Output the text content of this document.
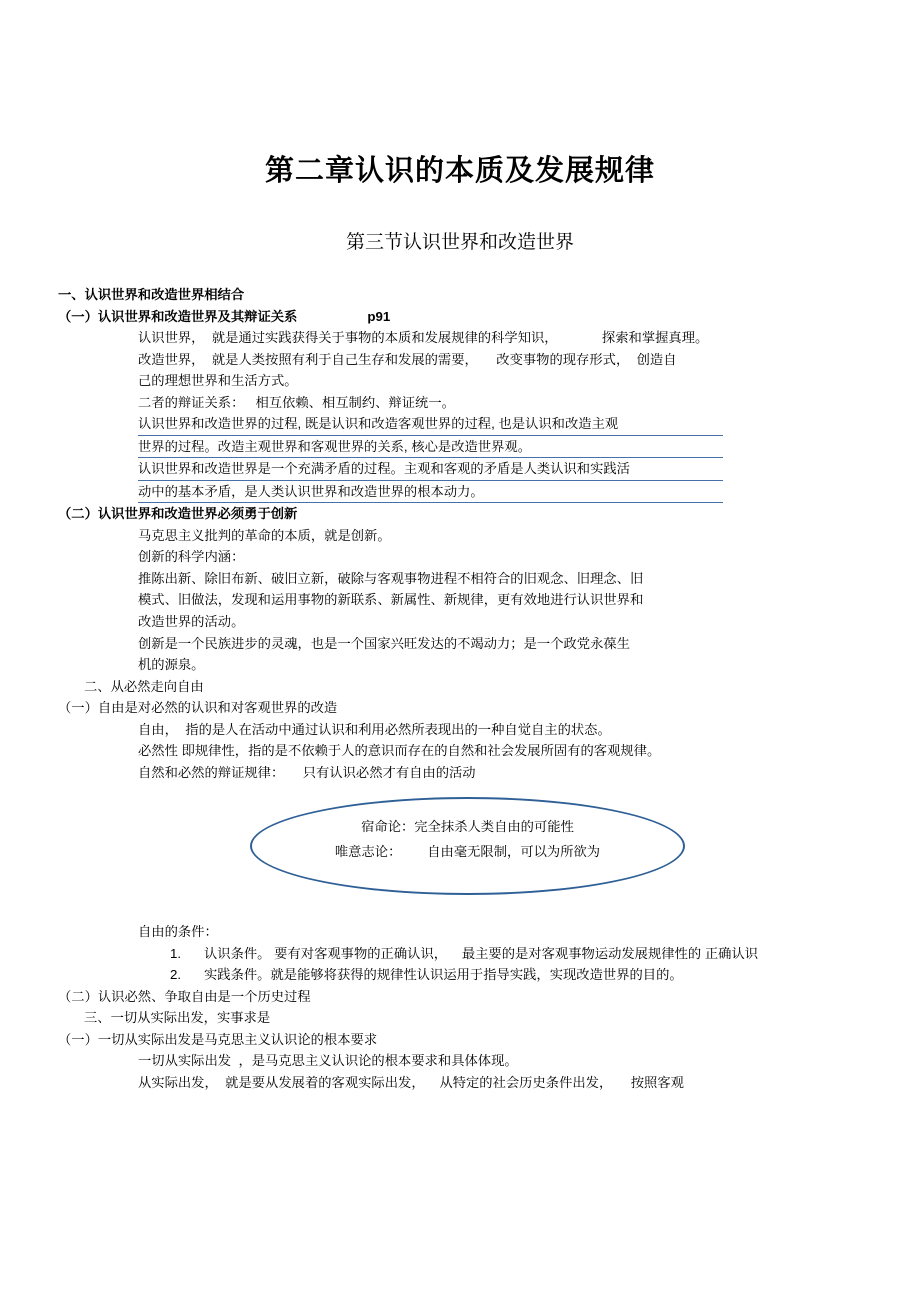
第二章认识的本质及发展规律
第三节认识世界和改造世界
一、认识世界和改造世界相结合
（一） 认识世界和改造世界及其辩证关系	p91
认识世界，  就是通过实践获得关于事物的本质和发展规律的科学知识，            探索和掌握真理。
改造世界，  就是人类按照有利于自己生存和发展的需要，     改变事物的现存形式，  创造自
己的理想世界和生活方式。
二者的辩证关系：   相互依赖、相互制约、辩证统一。
认识世界和改造世界的过程, 既是认识和改造客观世界的过程, 也是认识和改造主观
世界的过程。改造主观世界和客观世界的关系, 核心是改造世界观。
认识世界和改造世界是一个充满矛盾的过程。主观和客观的矛盾是人类认识和实践活
动中的基本矛盾，是人类认识世界和改造世界的根本动力。
（二） 认识世界和改造世界必须勇于创新
马克思主义批判的革命的本质，就是创新。
创新的科学内涵：
推陈出新、除旧布新、破旧立新，破除与客观事物进程不相符合的旧观念、旧理念、旧
模式、旧做法，发现和运用事物的新联系、新属性、新规律，更有效地进行认识世界和
改造世界的活动。
创新是一个民族进步的灵魂，也是一个国家兴旺发达的不竭动力；是一个政党永葆生
机的源泉。
二、从必然走向自由
（一） 自由是对必然的认识和对客观世界的改造
自由，  指的是人在活动中通过认识和利用必然所表现出的一种自觉自主的状态。
必然性 即规律性，指的是不依赖于人的意识而存在的自然和社会发展所固有的客观规律。
自然和必然的辩证规律：     只有认识必然才有自由的活动
宿命论：完全抹杀人类自由的可能性
唯意志论：       自由毫无限制，可以为所欲为
自由的条件：
1.	认识条件。 要有对客观事物的正确认识，    最主要的是对客观事物运动发展规律性的 正确认识
2.	实践条件。就是能够将获得的规律性认识运用于指导实践，实现改造世界的目的。
（二） 认识必然、争取自由是一个历史过程
三、一切从实际出发，实事求是
（一） 一切从实际出发是马克思主义认识论的根本要求
一切从实际出发  ，是马克思主义认识论的根本要求和具体体现。
从实际出发，  就是要从发展着的客观实际出发，    从特定的社会历史条件出发，     按照客观
